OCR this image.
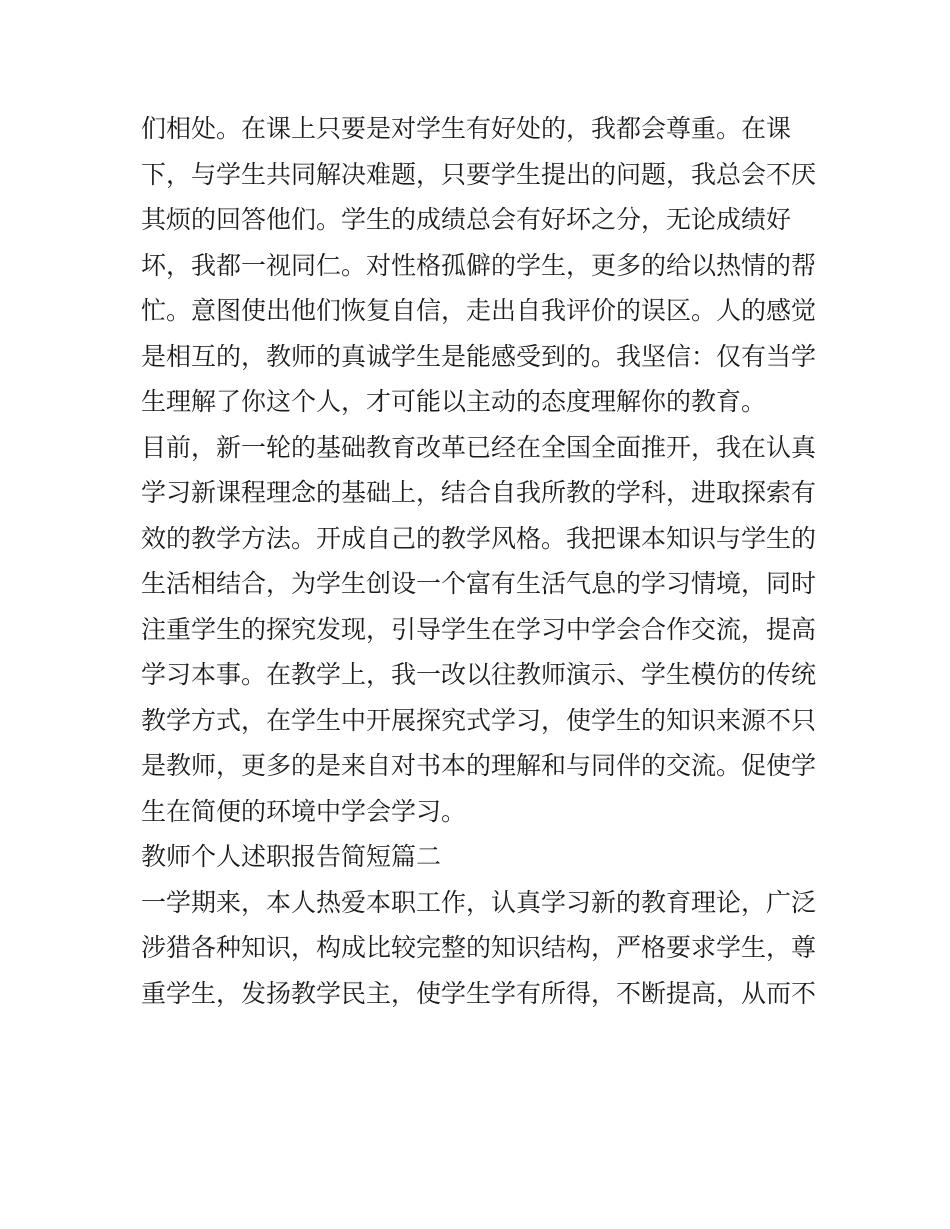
们相处。在课上只要是对学生有好处的，我都会尊重。在课
下，与学生共同解决难题，只要学生提出的问题，我总会不厌
其烦的回答他们。学生的成绩总会有好坏之分，无论成绩好
坏，我都一视同仁。对性格孤僻的学生，更多的给以热情的帮
忙。意图使出他们恢复自信，走出自我评价的误区。人的感觉
是相互的，教师的真诚学生是能感受到的。我坚信：仅有当学
生理解了你这个人，才可能以主动的态度理解你的教育。
目前，新一轮的基础教育改革已经在全国全面推开，我在认真
学习新课程理念的基础上，结合自我所教的学科，进取探索有
效的教学方法。开成自己的教学风格。我把课本知识与学生的
生活相结合，为学生创设一个富有生活气息的学习情境，同时
注重学生的探究发现，引导学生在学习中学会合作交流，提高
学习本事。在教学上，我一改以往教师演示、学生模仿的传统
教学方式，在学生中开展探究式学习，使学生的知识来源不只
是教师，更多的是来自对书本的理解和与同伴的交流。促使学
生在简便的环境中学会学习。
教师个人述职报告简短篇二
一学期来，本人热爱本职工作，认真学习新的教育理论，广泛
涉猎各种知识，构成比较完整的知识结构，严格要求学生，尊
重学生，发扬教学民主，使学生学有所得，不断提高，从而不
